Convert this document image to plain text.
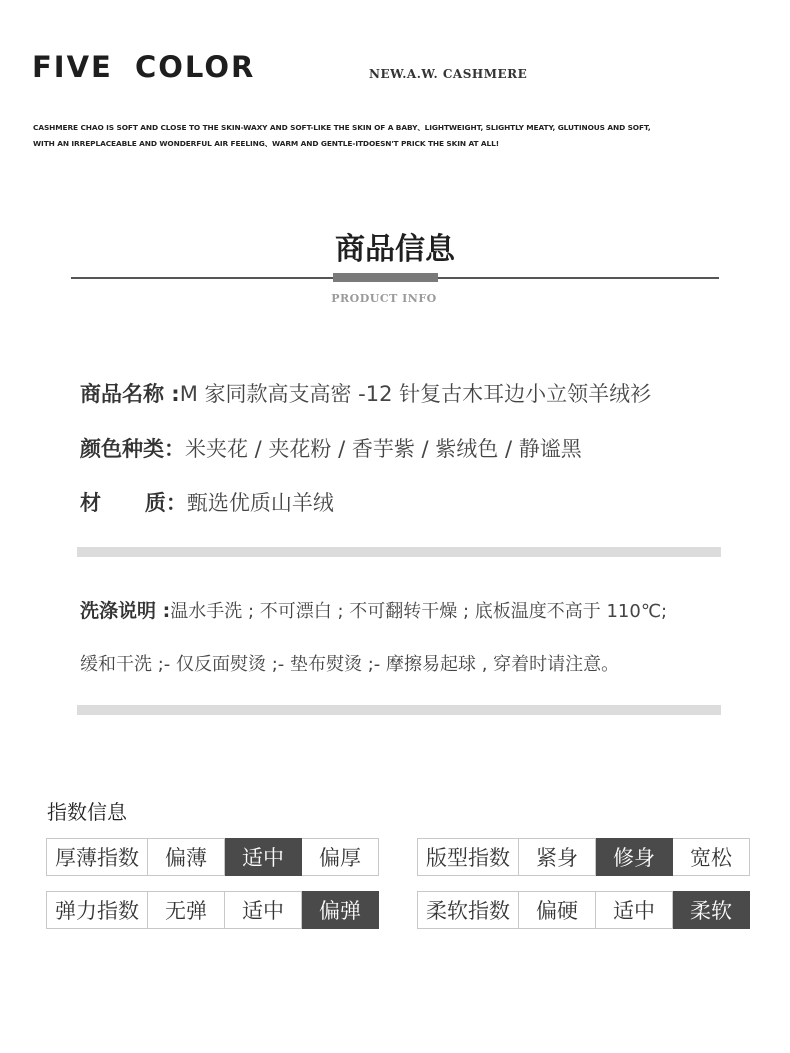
FIVE COLOR	NEW.A.W. CASHMERE
CASHMERE CHAO IS SOFT AND CLOSE TO THE SKIN-WAXY AND SOFT-LIKE THE SKIN OF A BABY、LIGHTWEIGHT, SLIGHTLY MEATY, GLUTINOUS AND SOFT,
WITH AN IRREPLACEABLE AND WONDERFUL AIR FEELING、WARM AND GENTLE-ITDOESN'T PRICK THE SKIN AT ALL!
商品信息
PRODUCT INFO
商品名称 :M 家同款高支高密 -12 针复古木耳边小立领羊绒衫
颜色种类：米夹花 / 夹花粉 / 香芋紫 / 紫绒色 / 静谧黑
材      质：甄选优质山羊绒
洗涤说明 :温水手洗 ; 不可漂白 ; 不可翻转干燥 ; 底板温度不高于 110℃;
缓和干洗 ;- 仅反面熨烫 ;- 垫布熨烫 ;- 摩擦易起球 , 穿着时请注意。
指数信息
厚薄指数	偏薄	适中	偏厚	版型指数	紧身	修身	宽松
弹力指数	无弹	适中	偏弹	柔软指数	偏硬	适中	柔软
